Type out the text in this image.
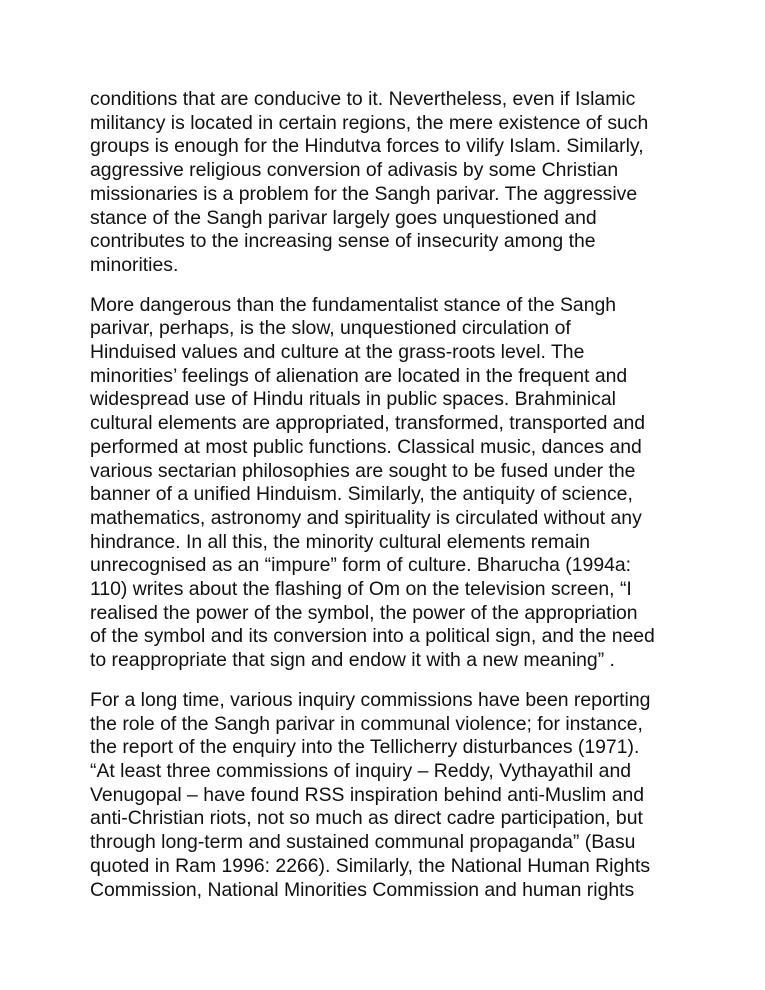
conditions that are conducive to it. Nevertheless, even if Islamic
militancy is located in certain regions, the mere existence of such
groups is enough for the Hindutva forces to vilify Islam. Similarly,
aggressive religious conversion of adivasis by some Christian
missionaries is a problem for the Sangh parivar. The aggressive
stance of the Sangh parivar largely goes unquestioned and
contributes to the increasing sense of insecurity among the
minorities.

More dangerous than the fundamentalist stance of the Sangh
parivar, perhaps, is the slow, unquestioned circulation of
Hinduised values and culture at the grass-roots level. The
minorities’ feelings of alienation are located in the frequent and
widespread use of Hindu rituals in public spaces. Brahminical
cultural elements are appropriated, transformed, transported and
performed at most public functions. Classical music, dances and
various sectarian philosophies are sought to be fused under the
banner of a unified Hinduism. Similarly, the antiquity of science,
mathematics, astronomy and spirituality is circulated without any
hindrance. In all this, the minority cultural elements remain
unrecognised as an “impure” form of culture. Bharucha (1994a:
110) writes about the flashing of Om on the television screen, “I
realised the power of the symbol, the power of the appropriation
of the symbol and its conversion into a political sign, and the need
to reappropriate that sign and endow it with a new meaning” .

For a long time, various inquiry commissions have been reporting
the role of the Sangh parivar in communal violence; for instance,
the report of the enquiry into the Tellicherry disturbances (1971).
“At least three commissions of inquiry – Reddy, Vythayathil and
Venugopal – have found RSS inspiration behind anti-Muslim and
anti-Christian riots, not so much as direct cadre participation, but
through long-term and sustained communal propaganda” (Basu
quoted in Ram 1996: 2266). Similarly, the National Human Rights
Commission, National Minorities Commission and human rights
